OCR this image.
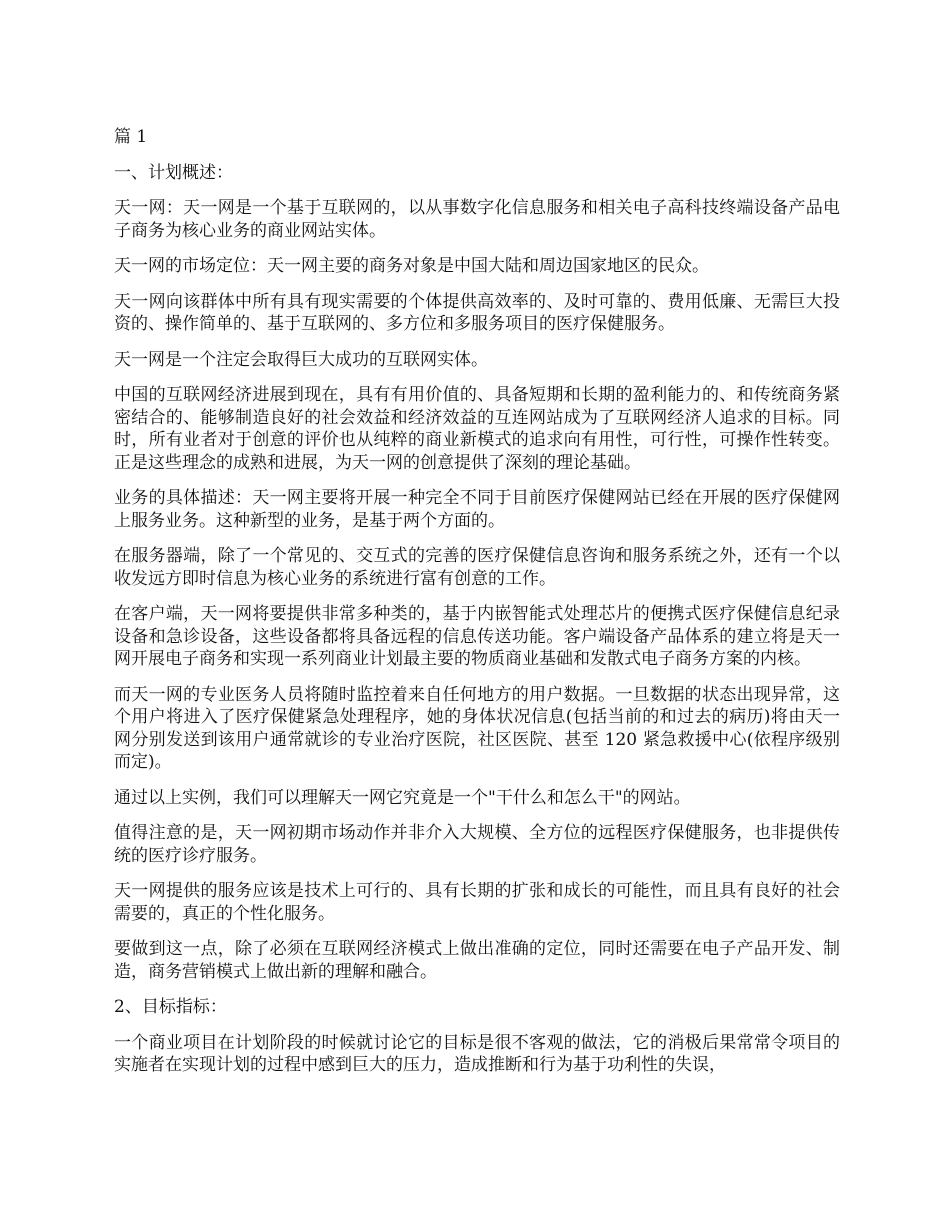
篇 1

一、计划概述：

天一网：天一网是一个基于互联网的，以从事数字化信息服务和相关电子高科技终端设备产品电子商务为核心业务的商业网站实体。

天一网的市场定位：天一网主要的商务对象是中国大陆和周边国家地区的民众。

天一网向该群体中所有具有现实需要的个体提供高效率的、及时可靠的、费用低廉、无需巨大投资的、操作简单的、基于互联网的、多方位和多服务项目的医疗保健服务。

天一网是一个注定会取得巨大成功的互联网实体。

中国的互联网经济进展到现在，具有有用价值的、具备短期和长期的盈利能力的、和传统商务紧密结合的、能够制造良好的社会效益和经济效益的互连网站成为了互联网经济人追求的目标。同时，所有业者对于创意的评价也从纯粹的商业新模式的追求向有用性，可行性，可操作性转变。正是这些理念的成熟和进展，为天一网的创意提供了深刻的理论基础。

业务的具体描述：天一网主要将开展一种完全不同于目前医疗保健网站已经在开展的医疗保健网上服务业务。这种新型的业务，是基于两个方面的。

在服务器端，除了一个常见的、交互式的完善的医疗保健信息咨询和服务系统之外，还有一个以收发远方即时信息为核心业务的系统进行富有创意的工作。

在客户端，天一网将要提供非常多种类的，基于内嵌智能式处理芯片的便携式医疗保健信息纪录设备和急诊设备，这些设备都将具备远程的信息传送功能。客户端设备产品体系的建立将是天一网开展电子商务和实现一系列商业计划最主要的物质商业基础和发散式电子商务方案的内核。

而天一网的专业医务人员将随时监控着来自任何地方的用户数据。一旦数据的状态出现异常，这个用户将进入了医疗保健紧急处理程序，她的身体状况信息(包括当前的和过去的病历)将由天一网分别发送到该用户通常就诊的专业治疗医院，社区医院、甚至 120 紧急救援中心(依程序级别而定)。

通过以上实例，我们可以理解天一网它究竟是一个"干什么和怎么干"的网站。

值得注意的是，天一网初期市场动作并非介入大规模、全方位的远程医疗保健服务，也非提供传统的医疗诊疗服务。

天一网提供的服务应该是技术上可行的、具有长期的扩张和成长的可能性，而且具有良好的社会需要的，真正的个性化服务。

要做到这一点，除了必须在互联网经济模式上做出准确的定位，同时还需要在电子产品开发、制造，商务营销模式上做出新的理解和融合。

2、目标指标：

一个商业项目在计划阶段的时候就讨论它的目标是很不客观的做法，它的消极后果常常令项目的实施者在实现计划的过程中感到巨大的压力，造成推断和行为基于功利性的失误，
